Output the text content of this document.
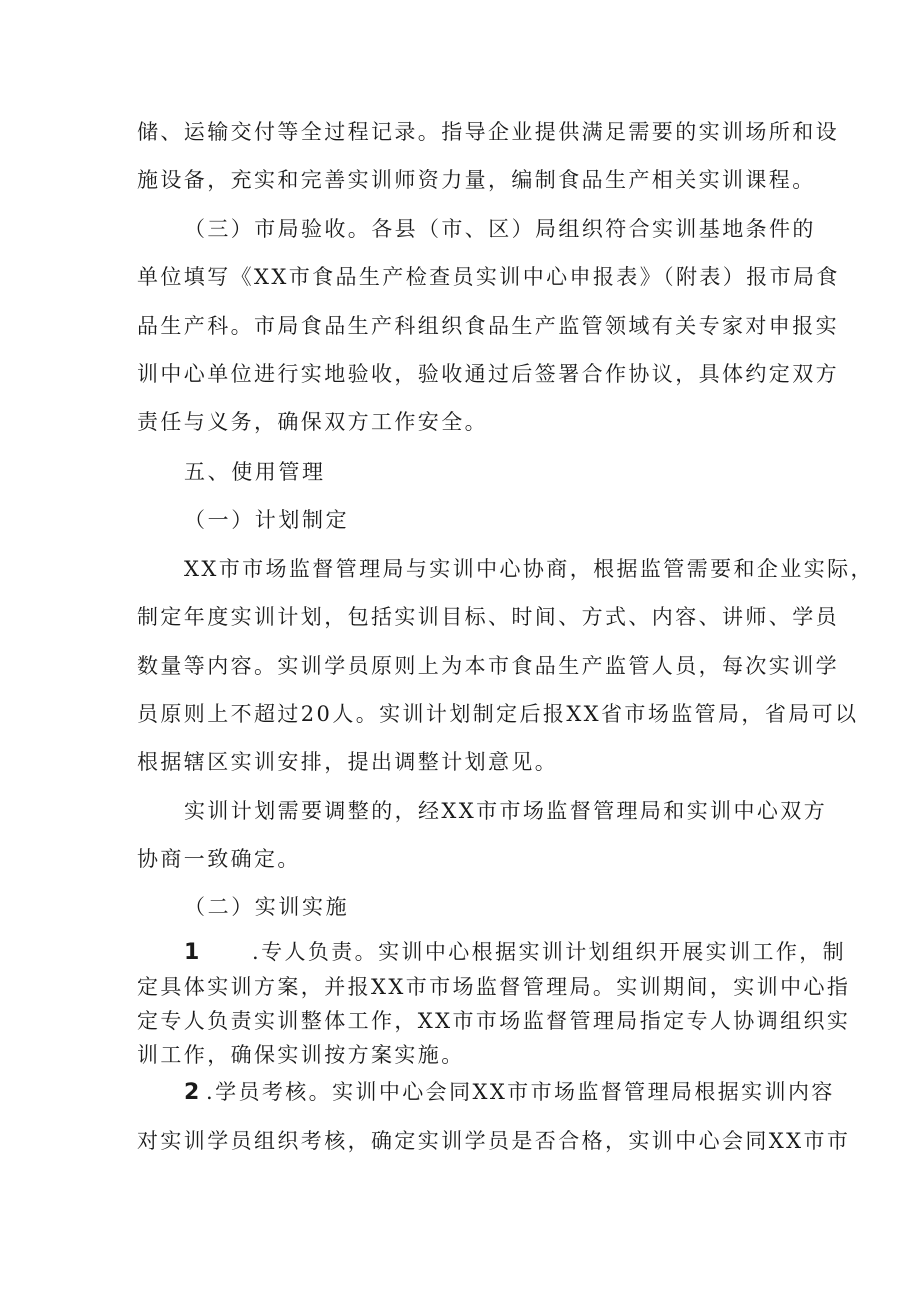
储、运输交付等全过程记录。指导企业提供满足需要的实训场所和设
施设备，充实和完善实训师资力量，编制食品生产相关实训课程。
（三）市局验收。各县（市、区）局组织符合实训基地条件的
单位填写《XX市食品生产检查员实训中心申报表》（附表）报市局食
品生产科。市局食品生产科组织食品生产监管领域有关专家对申报实
训中心单位进行实地验收，验收通过后签署合作协议，具体约定双方
责任与义务，确保双方工作安全。
五、使用管理
（一）计划制定
XX市市场监督管理局与实训中心协商，根据监管需要和企业实际，
制定年度实训计划，包括实训目标、时间、方式、内容、讲师、学员
数量等内容。实训学员原则上为本市食品生产监管人员，每次实训学
员原则上不超过20人。实训计划制定后报XX省市场监管局，省局可以
根据辖区实训安排，提出调整计划意见。
实训计划需要调整的，经XX市市场监督管理局和实训中心双方
协商一致确定。
（二）实训实施
1 .专人负责。实训中心根据实训计划组织开展实训工作，制
定具体实训方案，并报XX市市场监督管理局。实训期间，实训中心指
定专人负责实训整体工作，XX市市场监督管理局指定专人协调组织实
训工作，确保实训按方案实施。
2 .学员考核。实训中心会同XX市市场监督管理局根据实训内容
对实训学员组织考核，确定实训学员是否合格，实训中心会同XX市市
